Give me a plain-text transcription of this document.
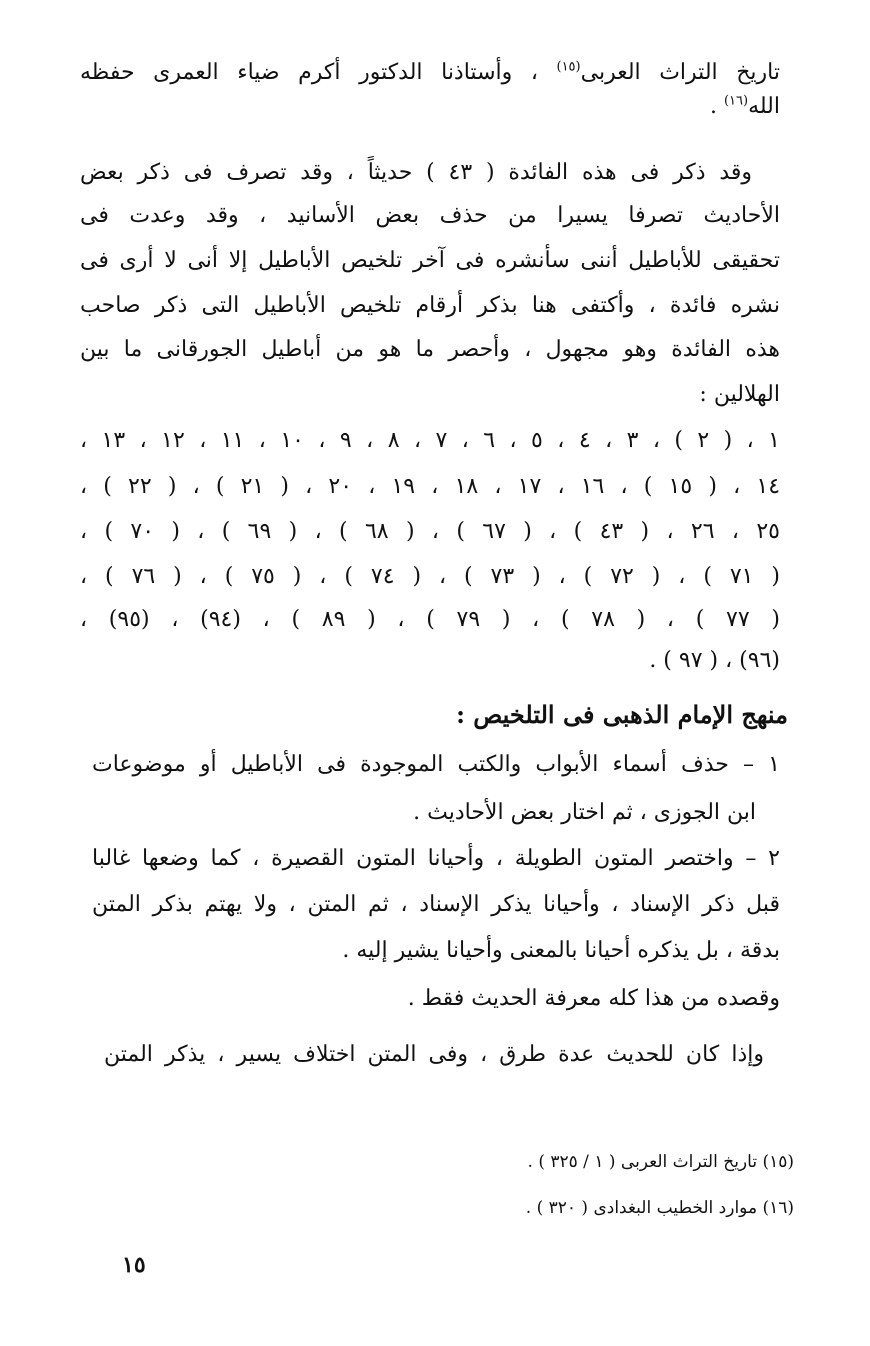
تاريخ التراث العربى$^{(١٥)}$ ، وأستاذنا الدكتور أكرم ضياء العمرى حفظه
الله$^{(١٦)}$ .
وقد ذكر فى هذه الفائدة ( ٤٣ ) حديثاً ، وقد تصرف فى ذكر بعض
الأحاديث تصرفا يسيرا من حذف بعض الأسانيد ، وقد وعدت فى
تحقيقى للأباطيل أننى سأنشره فى آخر تلخيص الأباطيل إلا أنى لا أرى فى
نشره فائدة ، وأكتفى هنا بذكر أرقام تلخيص الأباطيل التى ذكر صاحب
هذه الفائدة وهو مجهول ، وأحصر ما هو من أباطيل الجورقانى ما بين
الهلالين :
١ ، ( ٢ ) ، ٣ ، ٤ ، ٥ ، ٦ ، ٧ ، ٨ ، ٩ ، ١٠ ، ١١ ، ١٢ ، ١٣ ،
١٤ ، ( ١٥ ) ، ١٦ ، ١٧ ، ١٨ ، ١٩ ، ٢٠ ، ( ٢١ ) ، ( ٢٢ ) ،
٢٥ ، ٢٦ ، ( ٤٣ ) ، ( ٦٧ ) ، ( ٦٨ ) ، ( ٦٩ ) ، ( ٧٠ ) ،
( ٧١ ) ، ( ٧٢ ) ، ( ٧٣ ) ، ( ٧٤ ) ، ( ٧٥ ) ، ( ٧٦ ) ،
( ٧٧ ) ، ( ٧٨ ) ، ( ٧٩ ) ، ( ٨٩ ) ، (٩٤) ، (٩٥) ،
(٩٦) ، ( ٩٧ ) .
منهج الإمام الذهبى فى التلخيص :
١ – حذف أسماء الأبواب والكتب الموجودة فى الأباطيل أو موضوعات
ابن الجوزى ، ثم اختار بعض الأحاديث .
٢ – واختصر المتون الطويلة ، وأحيانا المتون القصيرة ، كما وضعها غالبا
قبل ذكر الإسناد ، وأحيانا يذكر الإسناد ، ثم المتن ، ولا يهتم بذكر المتن
بدقة ، بل يذكره أحيانا بالمعنى وأحيانا يشير إليه .
وقصده من هذا كله معرفة الحديث فقط .
وإذا كان للحديث عدة طرق ، وفى المتن اختلاف يسير ، يذكر المتن
(١٥) تاريخ التراث العربى ( ١ / ٣٢٥ ) .
(١٦) موارد الخطيب البغدادى ( ٣٢٠ ) .
١٥
